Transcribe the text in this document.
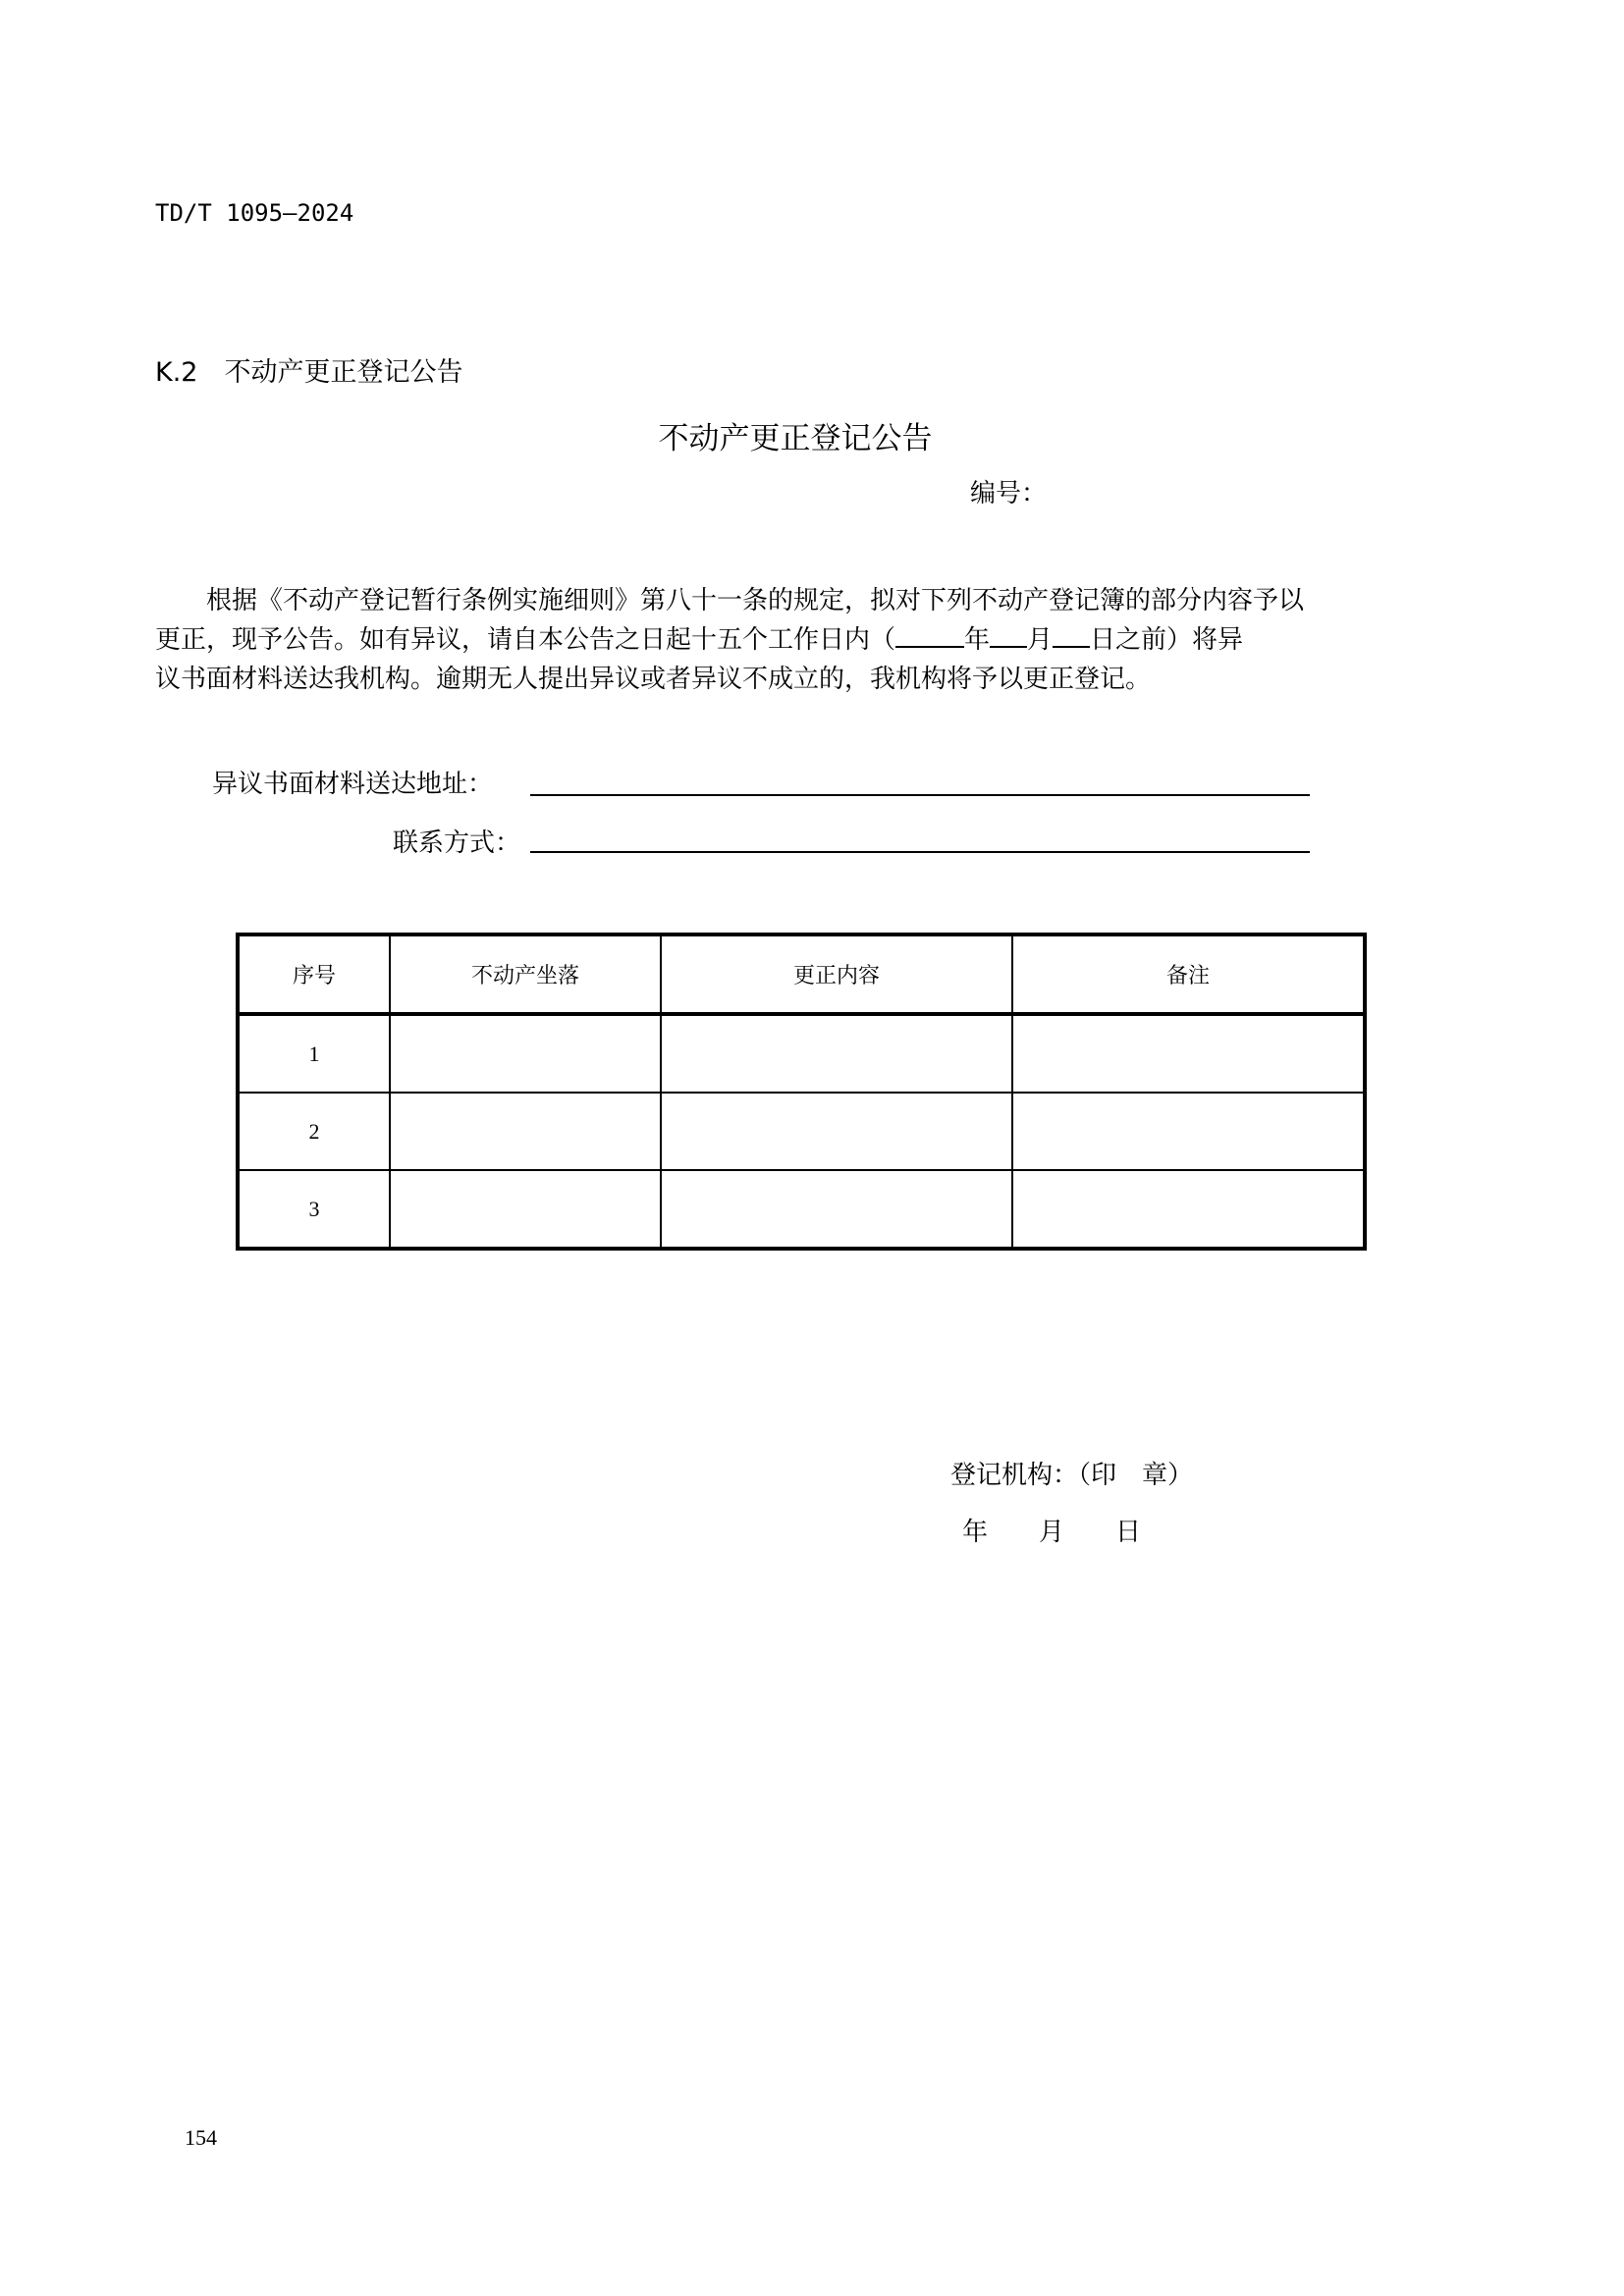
TD/T 1095—2024
K.2　不动产更正登记公告
不动产更正登记公告
编号：

根据《不动产登记暂行条例实施细则》第八十一条的规定，拟对下列不动产登记簿的部分内容予以

更正，现予公告。如有异议，请自本公告之日起十五个工作日内（	年 月 日之前）将异

议书面材料送达我机构。逾期无人提出异议或者异议不成立的，我机构将予以更正登记。

异议书面材料送达地址：
联系方式：
序号	不动产坐落	更正内容	备注
1			
2			
3			
登记机构：（印　章）
年　　月　　日
154
